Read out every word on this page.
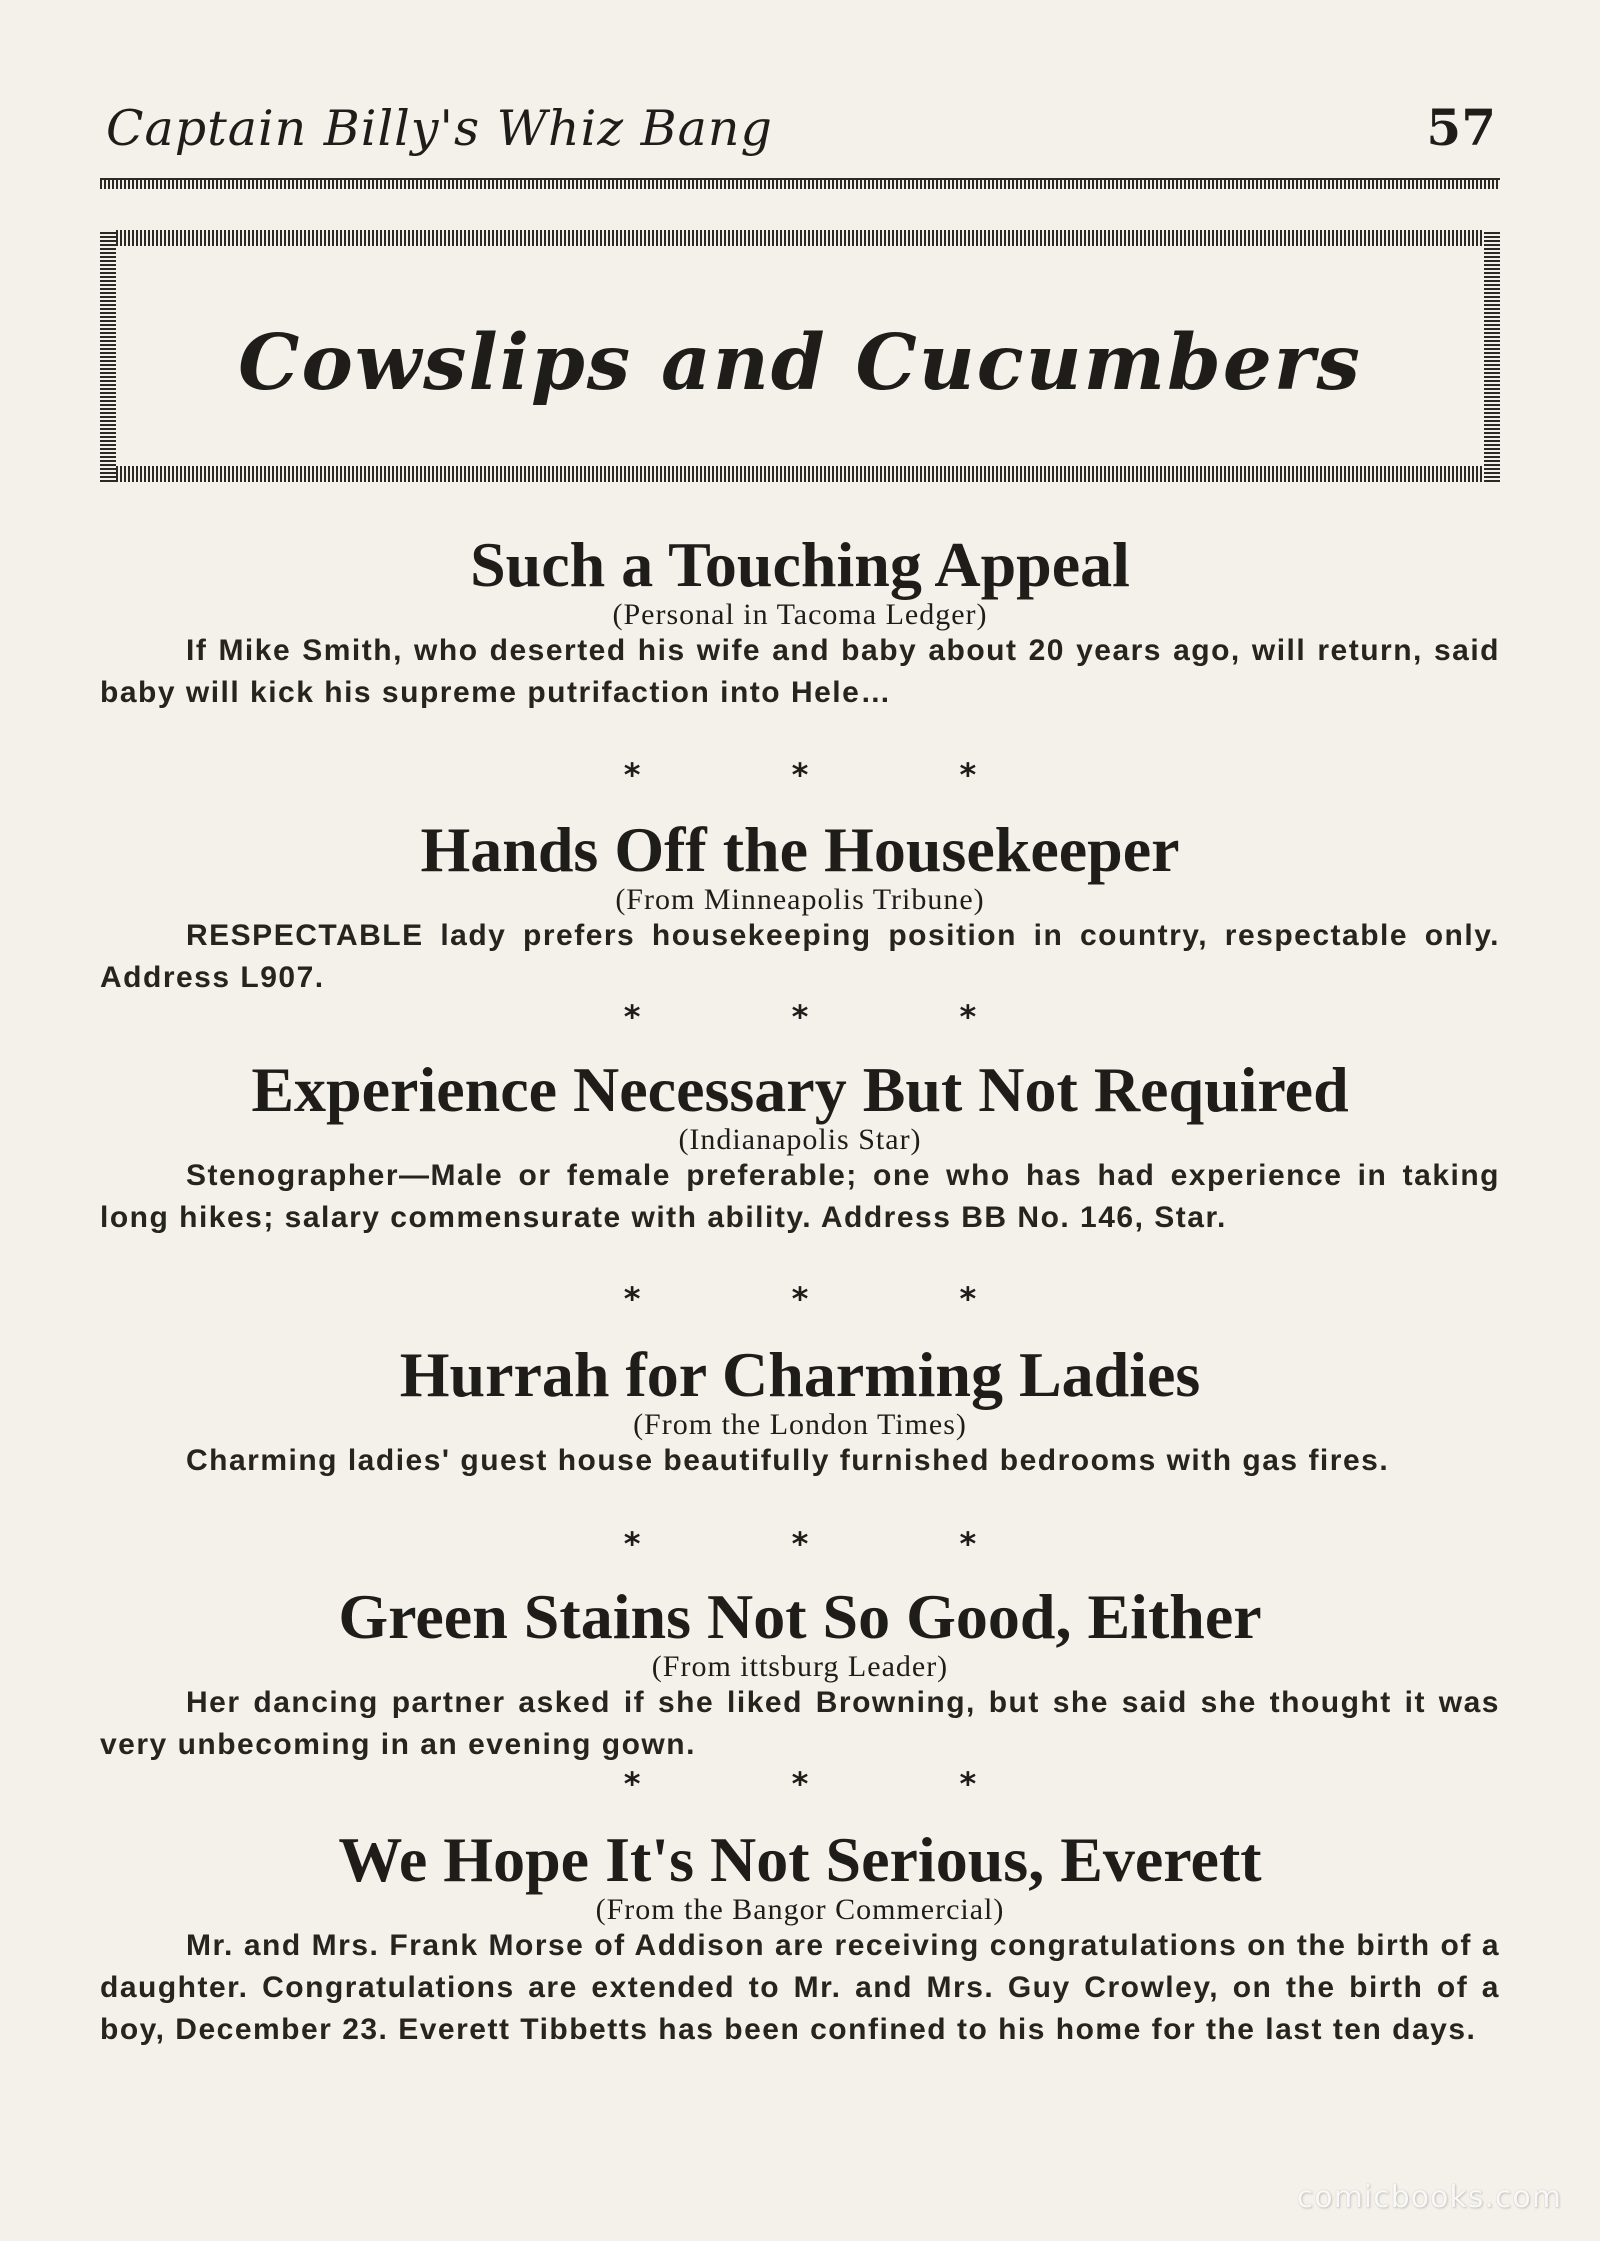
Captain Billy's Whiz Bang	57
Cowslips and Cucumbers
Such a Touching Appeal
(Personal in Tacoma Ledger)

If Mike Smith, who deserted his wife and baby about 20 years ago, will return, said baby will kick his supreme putrifaction into Hele…

* * *
Hands Off the Housekeeper
(From Minneapolis Tribune)

RESPECTABLE lady prefers housekeeping position in country, respectable only. Address L907.

* * *
Experience Necessary But Not Required
(Indianapolis Star)

Stenographer—Male or female preferable; one who has had experience in taking long hikes; salary commensurate with ability. Address BB No. 146, Star.

* * *
Hurrah for Charming Ladies
(From the London Times)

Charming ladies' guest house beautifully furnished bedrooms with gas fires.

* * *
Green Stains Not So Good, Either
(From ittsburg Leader)

Her dancing partner asked if she liked Browning, but she said she thought it was very unbecoming in an evening gown.

* * *
We Hope It's Not Serious, Everett
(From the Bangor Commercial)

Mr. and Mrs. Frank Morse of Addison are receiving congratulations on the birth of a daughter. Congratulations are extended to Mr. and Mrs. Guy Crowley, on the birth of a boy, December 23. Everett Tibbetts has been confined to his home for the last ten days.

comicbooks.com
